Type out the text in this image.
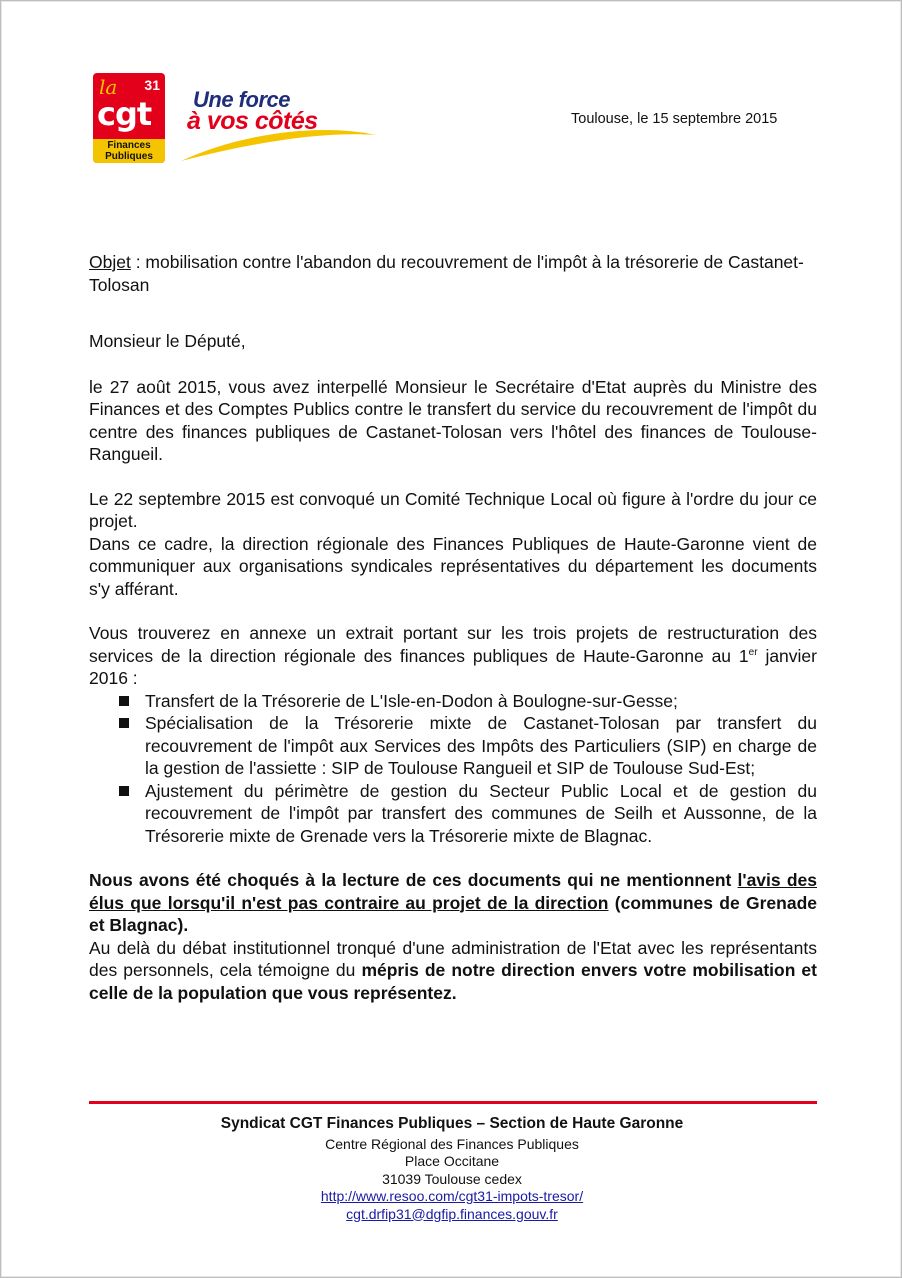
la 31
cgt
Finances
Publiques
Une force
à vos côtés	Toulouse, le 15 septembre 2015

Objet : mobilisation contre l'abandon du recouvrement de l'impôt à la trésorerie de Castanet-Tolosan

Monsieur le Député,

le 27 août 2015, vous avez interpellé Monsieur le Secrétaire d'Etat auprès du Ministre des Finances et des Comptes Publics contre le transfert du service du recouvrement de l'impôt du centre des finances publiques de Castanet-Tolosan vers l'hôtel des finances de Toulouse-Rangueil.

Le 22 septembre 2015 est convoqué un Comité Technique Local où figure à l'ordre du jour ce projet.

Dans ce cadre, la direction régionale des Finances Publiques de Haute-Garonne vient de communiquer aux organisations syndicales représentatives du département les documents s'y afférant.

Vous trouverez en annexe un extrait portant sur les trois projets de restructuration des services de la direction régionale des finances publiques de Haute-Garonne au 1er janvier 2016 :

Transfert de la Trésorerie de L'Isle-en-Dodon à Boulogne-sur-Gesse;
Spécialisation de la Trésorerie mixte de Castanet-Tolosan par transfert du recouvrement de l'impôt aux Services des Impôts des Particuliers (SIP) en charge de la gestion de l'assiette : SIP de Toulouse Rangueil et SIP de Toulouse Sud-Est;
Ajustement du périmètre de gestion du Secteur Public Local et de gestion du recouvrement de l'impôt par transfert des communes de Seilh et Aussonne, de la Trésorerie mixte de Grenade vers la Trésorerie mixte de Blagnac.

Nous avons été choqués à la lecture de ces documents qui ne mentionnent l'avis des élus que lorsqu'il n'est pas contraire au projet de la direction (communes de Grenade et Blagnac).

Au delà du débat institutionnel tronqué d'une administration de l'Etat avec les représentants des personnels, cela témoigne du mépris de notre direction envers votre mobilisation et celle de la population que vous représentez.

Syndicat CGT Finances Publiques – Section de Haute Garonne
Centre Régional des Finances Publiques
Place Occitane
31039 Toulouse cedex
http://www.resoo.com/cgt31-impots-tresor/
cgt.drfip31@dgfip.finances.gouv.fr
